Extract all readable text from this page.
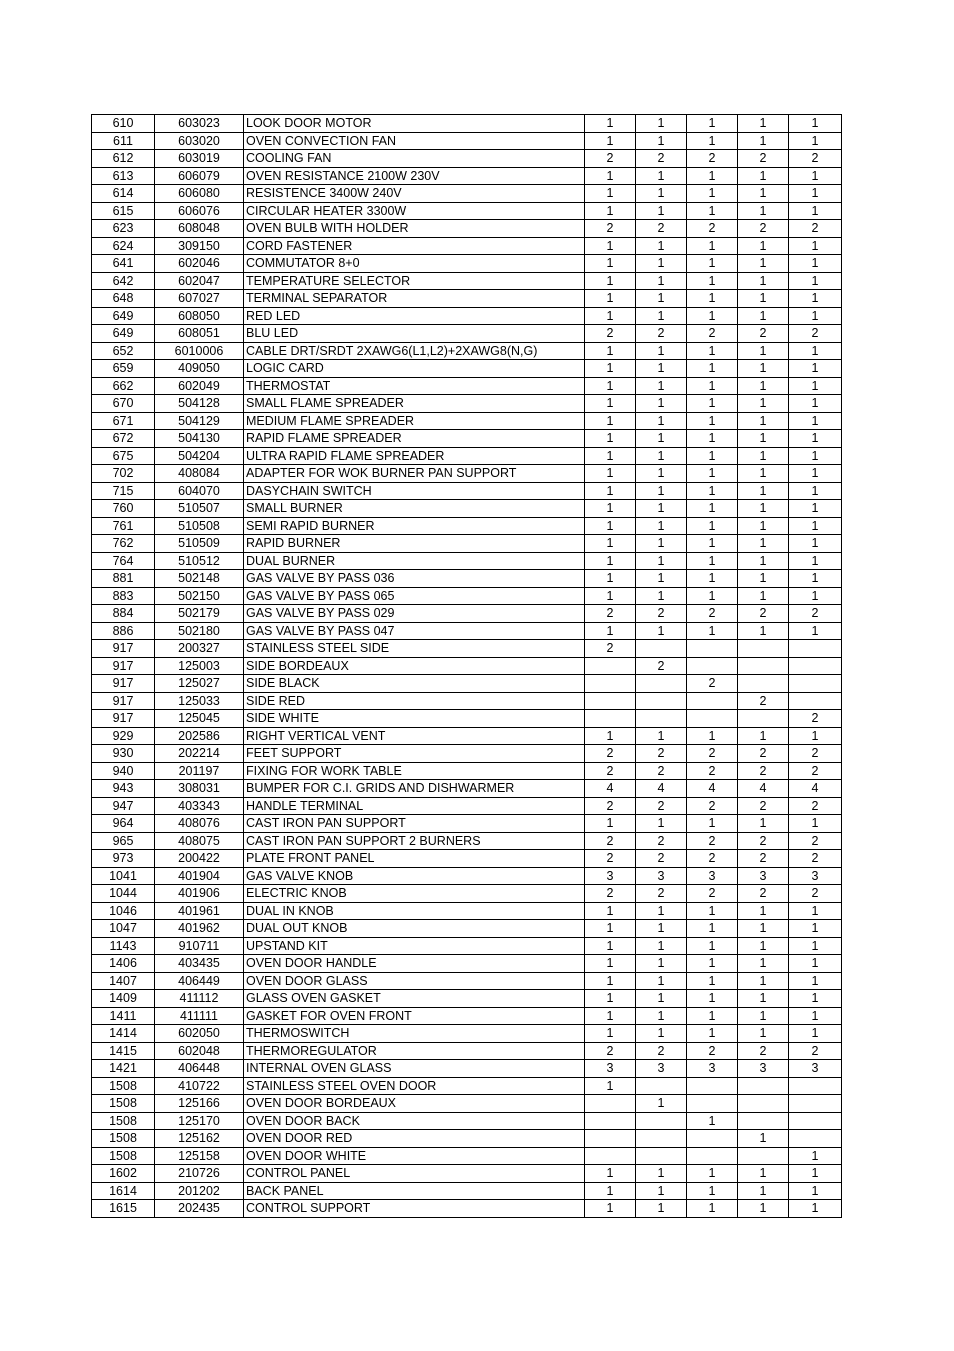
610	603023	LOOK DOOR MOTOR	1	1	1	1	1
611	603020	OVEN CONVECTION FAN	1	1	1	1	1
612	603019	COOLING FAN	2	2	2	2	2
613	606079	OVEN RESISTANCE 2100W 230V	1	1	1	1	1
614	606080	RESISTENCE 3400W 240V	1	1	1	1	1
615	606076	CIRCULAR HEATER 3300W	1	1	1	1	1
623	608048	OVEN BULB WITH HOLDER	2	2	2	2	2
624	309150	CORD FASTENER	1	1	1	1	1
641	602046	COMMUTATOR 8+0	1	1	1	1	1
642	602047	TEMPERATURE SELECTOR	1	1	1	1	1
648	607027	TERMINAL SEPARATOR	1	1	1	1	1
649	608050	RED LED	1	1	1	1	1
649	608051	BLU LED	2	2	2	2	2
652	6010006	CABLE DRT/SRDT 2XAWG6(L1,L2)+2XAWG8(N,G)	1	1	1	1	1
659	409050	LOGIC CARD	1	1	1	1	1
662	602049	THERMOSTAT	1	1	1	1	1
670	504128	SMALL FLAME SPREADER	1	1	1	1	1
671	504129	MEDIUM FLAME SPREADER	1	1	1	1	1
672	504130	RAPID FLAME SPREADER	1	1	1	1	1
675	504204	ULTRA RAPID FLAME SPREADER	1	1	1	1	1
702	408084	ADAPTER FOR WOK BURNER PAN SUPPORT	1	1	1	1	1
715	604070	DASYCHAIN SWITCH	1	1	1	1	1
760	510507	SMALL BURNER	1	1	1	1	1
761	510508	SEMI RAPID BURNER	1	1	1	1	1
762	510509	RAPID BURNER	1	1	1	1	1
764	510512	DUAL BURNER	1	1	1	1	1
881	502148	GAS VALVE BY PASS 036	1	1	1	1	1
883	502150	GAS VALVE BY PASS 065	1	1	1	1	1
884	502179	GAS VALVE BY PASS 029	2	2	2	2	2
886	502180	GAS VALVE BY PASS 047	1	1	1	1	1
917	200327	STAINLESS STEEL SIDE	2				
917	125003	SIDE BORDEAUX		2			
917	125027	SIDE BLACK			2		
917	125033	SIDE RED				2	
917	125045	SIDE WHITE					2
929	202586	RIGHT VERTICAL VENT	1	1	1	1	1
930	202214	FEET SUPPORT	2	2	2	2	2
940	201197	FIXING FOR WORK TABLE	2	2	2	2	2
943	308031	BUMPER FOR C.I. GRIDS AND DISHWARMER	4	4	4	4	4
947	403343	HANDLE TERMINAL	2	2	2	2	2
964	408076	CAST IRON PAN SUPPORT	1	1	1	1	1
965	408075	CAST IRON PAN SUPPORT 2 BURNERS	2	2	2	2	2
973	200422	PLATE FRONT PANEL	2	2	2	2	2
1041	401904	GAS VALVE KNOB	3	3	3	3	3
1044	401906	ELECTRIC KNOB	2	2	2	2	2
1046	401961	DUAL IN KNOB	1	1	1	1	1
1047	401962	DUAL OUT KNOB	1	1	1	1	1
1143	910711	UPSTAND KIT	1	1	1	1	1
1406	403435	OVEN DOOR HANDLE	1	1	1	1	1
1407	406449	OVEN DOOR GLASS	1	1	1	1	1
1409	411112	GLASS OVEN GASKET	1	1	1	1	1
1411	411111	GASKET FOR OVEN FRONT	1	1	1	1	1
1414	602050	THERMOSWITCH	1	1	1	1	1
1415	602048	THERMOREGULATOR	2	2	2	2	2
1421	406448	INTERNAL OVEN GLASS	3	3	3	3	3
1508	410722	STAINLESS STEEL OVEN DOOR	1				
1508	125166	OVEN DOOR BORDEAUX		1			
1508	125170	OVEN DOOR BACK			1		
1508	125162	OVEN DOOR RED				1	
1508	125158	OVEN DOOR WHITE					1
1602	210726	CONTROL PANEL	1	1	1	1	1
1614	201202	BACK PANEL	1	1	1	1	1
1615	202435	CONTROL SUPPORT	1	1	1	1	1
